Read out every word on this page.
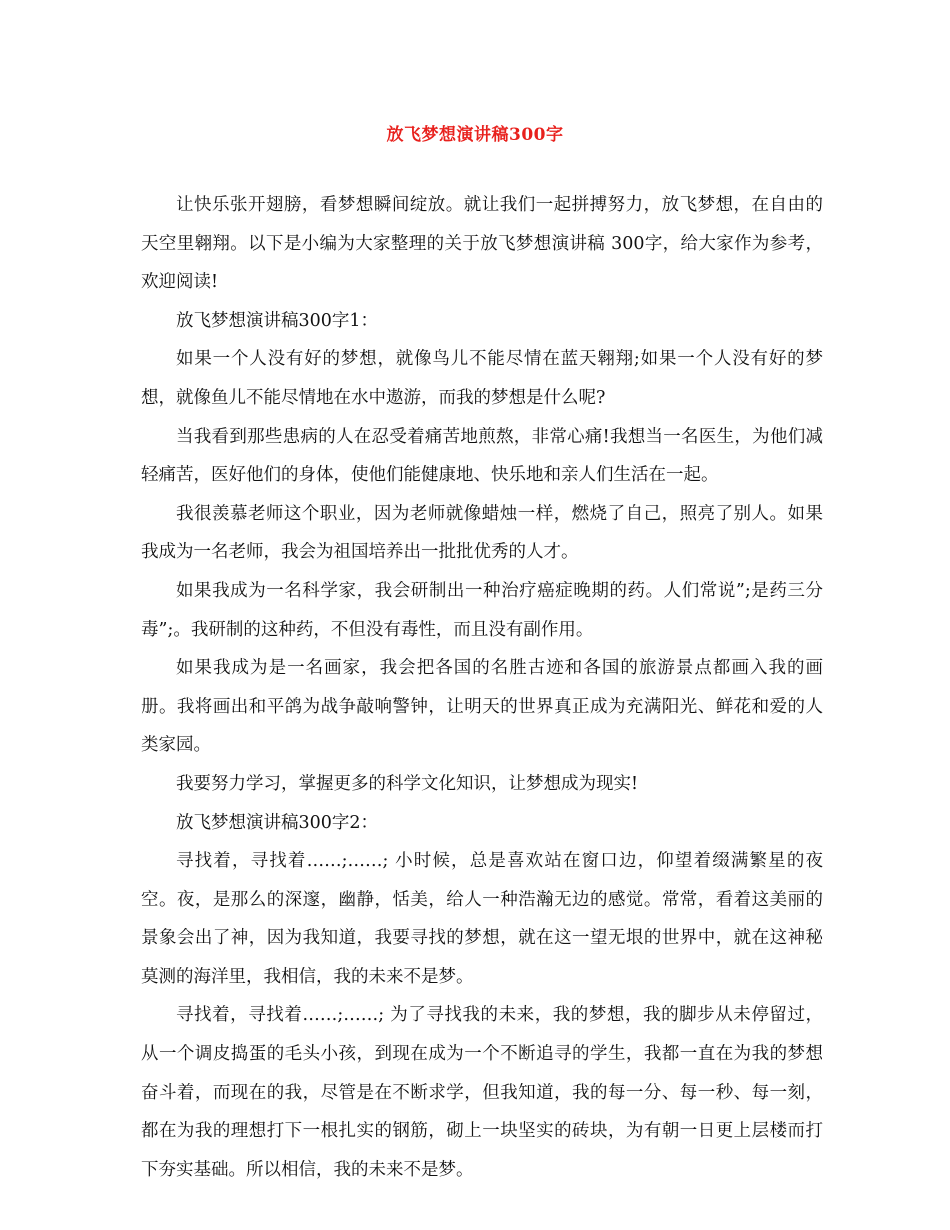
放飞梦想演讲稿300字

让快乐张开翅膀，看梦想瞬间绽放。就让我们一起拼搏努力，放飞梦想，在自由的天空里翱翔。以下是小编为大家整理的关于放飞梦想演讲稿 300字，给大家作为参考，欢迎阅读!

放飞梦想演讲稿300字1：

如果一个人没有好的梦想，就像鸟儿不能尽情在蓝天翱翔;如果一个人没有好的梦想，就像鱼儿不能尽情地在水中遨游，而我的梦想是什么呢?

当我看到那些患病的人在忍受着痛苦地煎熬，非常心痛!我想当一名医生，为他们减轻痛苦，医好他们的身体，使他们能健康地、快乐地和亲人们生活在一起。

我很羡慕老师这个职业，因为老师就像蜡烛一样，燃烧了自己，照亮了别人。如果我成为一名老师，我会为祖国培养出一批批优秀的人才。

如果我成为一名科学家，我会研制出一种治疗癌症晚期的药。人们常说”;是药三分毒”;。我研制的这种药，不但没有毒性，而且没有副作用。

如果我成为是一名画家，我会把各国的名胜古迹和各国的旅游景点都画入我的画册。我将画出和平鸽为战争敲响警钟，让明天的世界真正成为充满阳光、鲜花和爱的人类家园。

我要努力学习，掌握更多的科学文化知识，让梦想成为现实!

放飞梦想演讲稿300字2：

寻找着，寻找着……;……; 小时候，总是喜欢站在窗口边，仰望着缀满繁星的夜空。夜，是那么的深邃，幽静，恬美，给人一种浩瀚无边的感觉。常常，看着这美丽的景象会出了神，因为我知道，我要寻找的梦想，就在这一望无垠的世界中，就在这神秘莫测的海洋里，我相信，我的未来不是梦。

寻找着，寻找着……;……; 为了寻找我的未来，我的梦想，我的脚步从未停留过，从一个调皮捣蛋的毛头小孩，到现在成为一个不断追寻的学生，我都一直在为我的梦想奋斗着，而现在的我，尽管是在不断求学，但我知道，我的每一分、每一秒、每一刻，都在为我的理想打下一根扎实的钢筋，砌上一块坚实的砖块，为有朝一日更上层楼而打下夯实基础。所以相信，我的未来不是梦。
